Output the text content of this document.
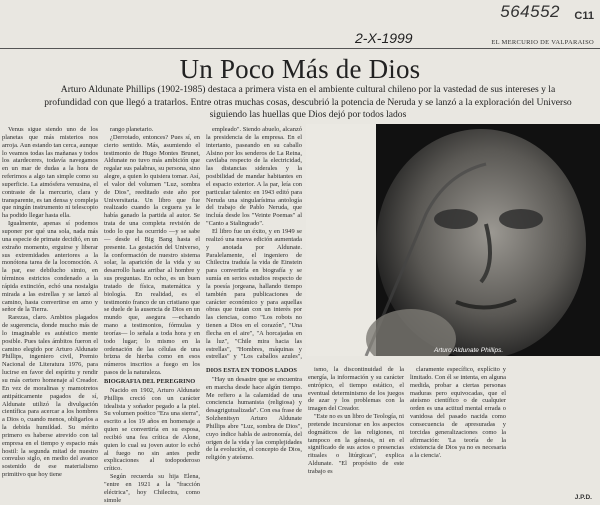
564552 C11
2-X-1999	EL MERCURIO DE VALPARAISO
Un Poco Más de Dios
Arturo Aldunate Phillips (1902-1985) destaca a primera vista en el ambiente cultural chileno por la vastedad de sus intereses y la profundidad con que llegó a tratarlos. Entre otras muchas cosas, descubrió la potencia de Neruda y se lanzó a la exploración del Universo siguiendo las huellas que Dios dejó por todos lados

Venus sigue siendo uno de los planetas que más misterios nos arroja. Aun estando tan cerca, aunque lo veamos todas las mañanas y todos los atardeceres, todavía navegamos en un mar de dudas a la hora de referirnos a algo tan simple como su superficie. La atmósfera venusina, el contraste de la mercurio, clara y transparente, es tan densa y compleja que ningún instrumento ni telescopio ha podido llegar hasta ella.

Igualmente, apenas sí podemos suponer por qué una sola, nada más una especie de primate decidió, en un extraño momento, erguirse y liberar sus extremidades anteriores a la monótona tarea de la locomoción. A la par, ese debilucho simio, en términos estrictos condenado a la rápida extinción, echó una nostalgia mirada a las estrellas y se lanzó al camino, hasta convertirse en amo y señor de la Tierra.

Rarezas, claro. Ambitos plagados de sugerencia, donde mucho más de lo imaginable es autéstico mente posible. Pues tales ámbitos fueron el camino elegido por Arturo Aldunate Phillips, ingeniero civil, Premio Nacional de Literatura 1976, para lucirse en favor del espíritu y rendir su más certero homenaje al Creador. En vez de moralinas y mamotretos antipáticamente pagados de sí, Aldunate utilizó la divulgación científica para acercar a los hombres a Dios o, cuando menos, obligarlos a la debida humildad. Su mérito primero es haberse atrevido con tal empresa en el tiempo y espacio más hostil: la segunda mitad de nuestro convulso siglo, en medio del avance sostenido de ese materialismo primitivo que hoy tiene

rango planetario.

¿Derrotado, entonces? Pues sí, en cierto sentido. Más, asumiendo el testimonio de Hugo Montes Brunet, Aldunate no tuvo más ambición que regalar sus palabras, su persona, sino alegre, a quien lo quisiera tomar. Así, el valor del volumen "Luz, sombra de Dios", reeditado este año por Universitaria. Un libro que fue realizado cuando la ceguera ya le había ganado la partida al autor. Se trata de una completa revisión de todo lo que ha ocurrido —y se sabe— desde el Big Bang hasta el presente. La gestación del Universo, la conformación de nuestro sistema solar, la aparición de la vida y su desarrollo hasta arribar al hombre y sus preguntas. En ocho, es un buen tratado de física, matemática y biología. En realidad, es el testimonio franco de un cristiano que se duele de la ausencia de Dios en un mundo que, asegura —echando mano a testimonios, fórmulas y teorías— lo señala a toda hora y en todo lugar; lo mismo en la ordenación de las células de una brizna de hierba como en esos números inscritos a fuego en los pasos de la naturaleza.

BIOGRAFIA DEL PEREGRINO

Nacido en 1902, Arturo Aldunate Phillips creció con un carácter idealista y soñador pegado a la piel. Su volumen poético "Era una sierra", escrito a los 19 años en homenaje a quien se convertiría en su esposa, recibió una fea crítica de Alone, quien lo cual su joven autor lo echó al fuego no sin antes pedir explicaciones al todopoderoso crítico.

Según recuerda su hija Elena, "entre en 1921 a la "fracción eléctrica", hoy Chilectra, como simple

empleado". Siendo abuelo, alcanzó la presidencia de la empresa. En el intertanto, paseando en su caballo Alsino por los senderos de La Reina, cavilaba respecto de la electricidad, las distancias siderales y la posibilidad de mandar habitantes en el espacio exterior. A la par, leía con particular talento: en 1943 editó para Neruda una singularísima antología del trabajo de Pablo Neruda, que incluía desde los "Veinte Poemas" al "Canto a Stalingrado".

El libro fue un éxito, y en 1949 se realizó una nueva edición aumentada y anotada por Aldunate. Paralelamente, el ingeniero de Chilectra traduía la vida de Einstein para convertirla en biografía y se sumía en serios estudios respecto de la poesía jorgeana, hallando tiempo también para publicaciones de carácter económico y para aquellas obras que tratan con un interés por las ciencias, como "Los robots no tienen a Dios en el corazón", "Una flecha en el aire", "A horcajadas en la luz", "Chile mira hacia las estrellas", "Hombres, máquinas y estrellas" y "Los caballos azules",

DIOS ESTA EN TODOS LADOS

"Hay un desastre que se encuentra en marcha desde hace algún tiempo. Me refiero a la calamidad de una conciencia humanista (religiosa) y desagrigutualizada". Con esa frase de Solzhenitsyn Arturo Aldunate Phillips abre "Luz, sombra de Dios", cuyo índice habla de astronomía, del origen de la vida y las complejidades de la evolución, el concepto de Dios, religión y ateísmo.

ismo, la discontinuidad de la energía, la información y su carácter entrópico, el tiempo estático, el eventual determinismo de los juegos de azar y los problemas con la imagen del Creador.

"Este no es un libro de Teología, ni pretende incursionar en los aspectos dogmáticos de las religiones, ni tampoco en la génesis, ni en el significado de sus actos o presencias rituales o litúrgicas", explica Aldunate. "El propósito de este trabajo es

claramente específico, explícito y limitado. Con él se intenta, en alguna medida, probar a ciertas personas maduras pero equivocadas, que el ateísmo científico o de cualquier orden es una actitud mental errada o vanidosa del pasado nacida como consecuencia de apresuradas y torcidas generalizaciones como la afirmación: 'La teoría de la existencia de Dios ya no es necesaria a la ciencia'.

Arturo Aldunate Phillips.
J.P.D.
